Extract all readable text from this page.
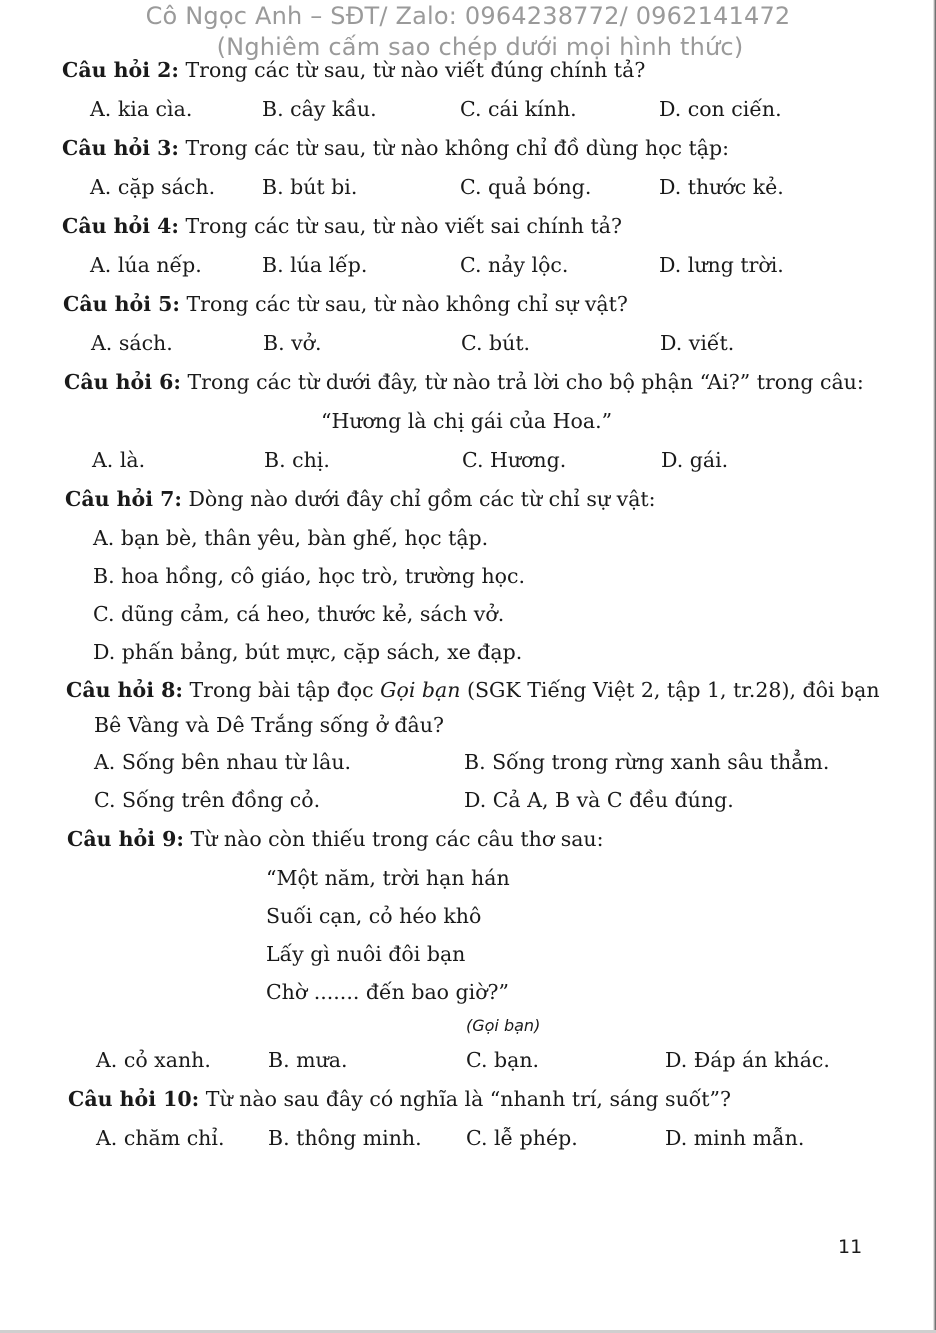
Cô Ngọc Anh – SĐT/ Zalo: 0964238772/ 0962141472
(Nghiêm cấm sao chép dưới mọi hình thức)
Câu hỏi 2: Trong các từ sau, từ nào viết đúng chính tả?
A. kia cìa.	B. cây kầu.	C. cái kính.	D. con ciến.
Câu hỏi 3: Trong các từ sau, từ nào không chỉ đồ dùng học tập:
A. cặp sách. B. bút bi.	C. quả bóng.	D. thước kẻ.
Câu hỏi 4: Trong các từ sau, từ nào viết sai chính tả?
A. lúa nếp.	B. lúa lếp.	C. nảy lộc.	D. lưng trời.
Câu hỏi 5: Trong các từ sau, từ nào không chỉ sự vật?
A. sách.	B. vở.	C. bút.	D. viết.
Câu hỏi 6: Trong các từ dưới đây, từ nào trả lời cho bộ phận “Ai?” trong câu:
“Hương là chị gái của Hoa.”
A. là.	B. chị.	C. Hương.	D. gái.
Câu hỏi 7: Dòng nào dưới đây chỉ gồm các từ chỉ sự vật:
A. bạn bè, thân yêu, bàn ghế, học tập.
B. hoa hồng, cô giáo, học trò, trường học.
C. dũng cảm, cá heo, thước kẻ, sách vở.
D. phấn bảng, bút mực, cặp sách, xe đạp.
Câu hỏi 8: Trong bài tập đọc Gọi bạn (SGK Tiếng Việt 2, tập 1, tr.28), đôi bạn
Bê Vàng và Dê Trắng sống ở đâu?
A. Sống bên nhau từ lâu.	B. Sống trong rừng xanh sâu thẳm.
C. Sống trên đồng cỏ.	D. Cả A, B và C đều đúng.
Câu hỏi 9: Từ nào còn thiếu trong các câu thơ sau:
“Một năm, trời hạn hán
Suối cạn, cỏ héo khô
Lấy gì nuôi đôi bạn
Chờ ....... đến bao giờ?”
(Gọi bạn)
A. cỏ xanh.	B. mưa.	C. bạn.	D. Đáp án khác.
Câu hỏi 10: Từ nào sau đây có nghĩa là “nhanh trí, sáng suốt”?
A. chăm chỉ. B. thông minh. C. lễ phép.	D. minh mẫn.
11
